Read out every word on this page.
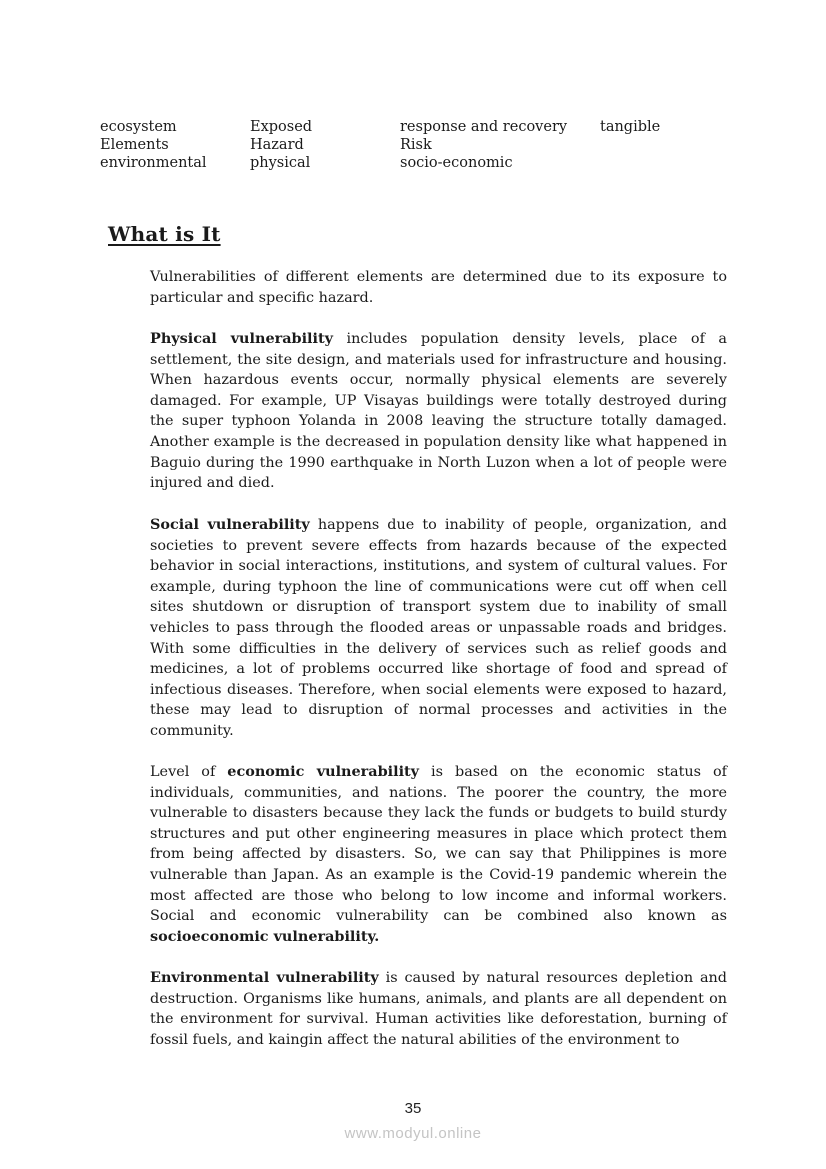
ecosystem	Exposed	response and recovery	tangible
Elements	Hazard	Risk
environmental	physical	socio-economic
What is It

Vulnerabilities of different elements are determined due to its exposure to particular and specific hazard.

Physical vulnerability includes population density levels, place of a settlement, the site design, and materials used for infrastructure and housing. When hazardous events occur, normally physical elements are severely damaged. For example, UP Visayas buildings were totally destroyed during the super typhoon Yolanda in 2008 leaving the structure totally damaged. Another example is the decreased in population density like what happened in Baguio during the 1990 earthquake in North Luzon when a lot of people were injured and died.

Social vulnerability happens due to inability of people, organization, and societies to prevent severe effects from hazards because of the expected behavior in social interactions, institutions, and system of cultural values. For example, during typhoon the line of communications were cut off when cell sites shutdown or disruption of transport system due to inability of small vehicles to pass through the flooded areas or unpassable roads and bridges. With some difficulties in the delivery of services such as relief goods and medicines, a lot of problems occurred like shortage of food and spread of infectious diseases. Therefore, when social elements were exposed to hazard, these may lead to disruption of normal processes and activities in the community.

Level of economic vulnerability is based on the economic status of individuals, communities, and nations. The poorer the country, the more vulnerable to disasters because they lack the funds or budgets to build sturdy structures and put other engineering measures in place which protect them from being affected by disasters. So, we can say that Philippines is more vulnerable than Japan. As an example is the Covid-19 pandemic wherein the most affected are those who belong to low income and informal workers. Social and economic vulnerability can be combined also known as socioeconomic vulnerability.

Environmental vulnerability is caused by natural resources depletion and destruction. Organisms like humans, animals, and plants are all dependent on the environment for survival. Human activities like deforestation, burning of fossil fuels, and kaingin affect the natural abilities of the environment to

35
www.modyul.online
